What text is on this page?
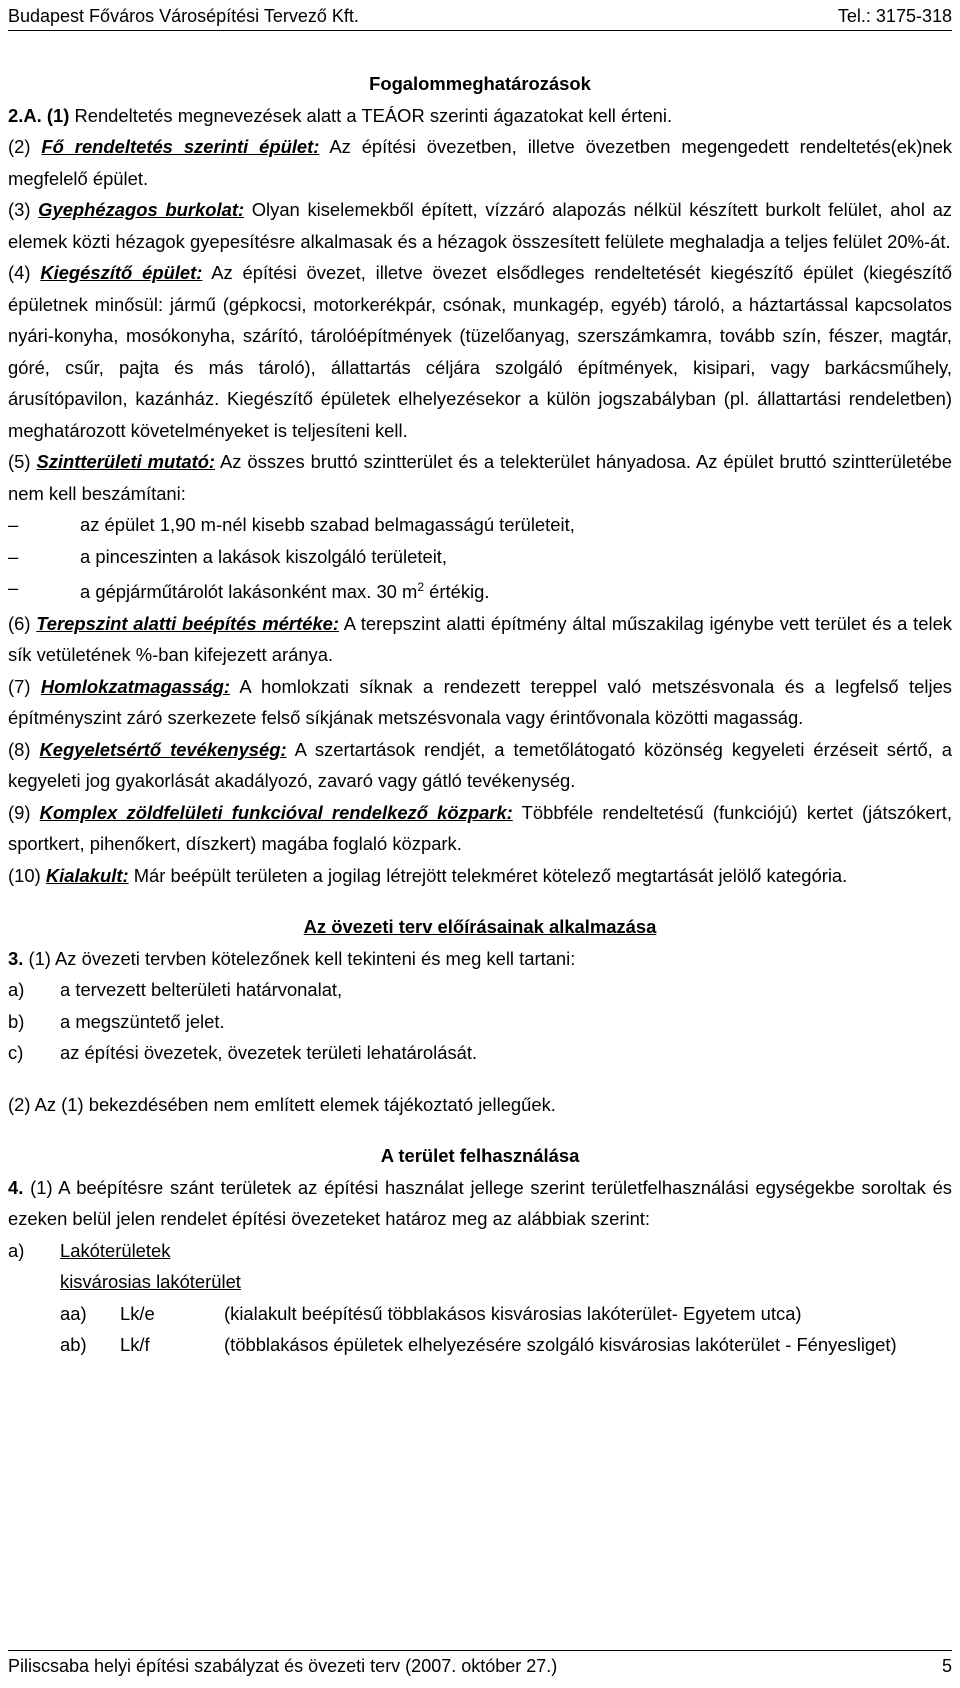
Budapest Főváros Városépítési Tervező Kft.	Tel.: 3175-318

Fogalommeghatározások

2.A. (1) Rendeltetés megnevezések alatt a TEÁOR szerinti ágazatokat kell érteni.

(2) Fő rendeltetés szerinti épület: Az építési övezetben, illetve övezetben megengedett rendeltetés(ek)nek megfelelő épület.

(3) Gyephézagos burkolat: Olyan kiselemekből épített, vízzáró alapozás nélkül készített burkolt felület, ahol az elemek közti hézagok gyepesítésre alkalmasak és a hézagok összesített felülete meghaladja a teljes felület 20%-át.

(4) Kiegészítő épület: Az építési övezet, illetve övezet elsődleges rendeltetését kiegészítő épület (kiegészítő épületnek minősül: jármű (gépkocsi, motorkerékpár, csónak, munkagép, egyéb) tároló, a háztartással kapcsolatos nyári-konyha, mosókonyha, szárító, tárolóépítmények (tüzelőanyag, szerszámkamra, tovább szín, fészer, magtár, góré, csűr, pajta és más tároló), állattartás céljára szolgáló építmények, kisipari, vagy barkácsműhely, árusítópavilon, kazánház. Kiegészítő épületek elhelyezésekor a külön jogszabályban (pl. állattartási rendeletben) meghatározott követelményeket is teljesíteni kell.

(5) Szintterületi mutató: Az összes bruttó szintterület és a telekterület hányadosa. Az épület bruttó szintterületébe nem kell beszámítani:

–	az épület 1,90 m-nél kisebb szabad belmagasságú területeit,
–	a pinceszinten a lakások kiszolgáló területeit,
–	a gépjárműtárolót lakásonként max. 30 $m^2$ értékig.

(6) Terepszint alatti beépítés mértéke: A terepszint alatti építmény által műszakilag igénybe vett terület és a telek sík vetületének %-ban kifejezett aránya.

(7) Homlokzatmagasság: A homlokzati síknak a rendezett tereppel való metszésvonala és a legfelső teljes építményszint záró szerkezete felső síkjának metszésvonala vagy érintővonala közötti magasság.

(8) Kegyeletsértő tevékenység: A szertartások rendjét, a temetőlátogató közönség kegyeleti érzéseit sértő, a kegyeleti jog gyakorlását akadályozó, zavaró vagy gátló tevékenység.

(9) Komplex zöldfelületi funkcióval rendelkező közpark: Többféle rendeltetésű (funkciójú) kertet (játszókert, sportkert, pihenőkert, díszkert) magába foglaló közpark.

(10) Kialakult: Már beépült területen a jogilag létrejött telekméret kötelező megtartását jelölő kategória.

Az övezeti terv előírásainak alkalmazása

3. (1) Az övezeti tervben kötelezőnek kell tekinteni és meg kell tartani:

a)	a tervezett belterületi határvonalat,
b)	a megszüntető jelet.
c)	az építési övezetek, övezetek területi lehatárolását.

(2) Az (1) bekezdésében nem említett elemek tájékoztató jellegűek.

A terület felhasználása

4. (1) A beépítésre szánt területek az építési használat jellege szerint területfelhasználási egységekbe soroltak és ezeken belül jelen rendelet építési övezeteket határoz meg az alábbiak szerint:

a)	Lakóterületek
kisvárosias lakóterület
aa)	Lk/e	(kialakult beépítésű többlakásos kisvárosias lakóterület- Egyetem utca)
ab)	Lk/f	(többlakásos épületek elhelyezésére szolgáló kisvárosias lakóterület - Fényesliget)
Piliscsaba helyi építési szabályzat és övezeti terv (2007. október 27.)	5
